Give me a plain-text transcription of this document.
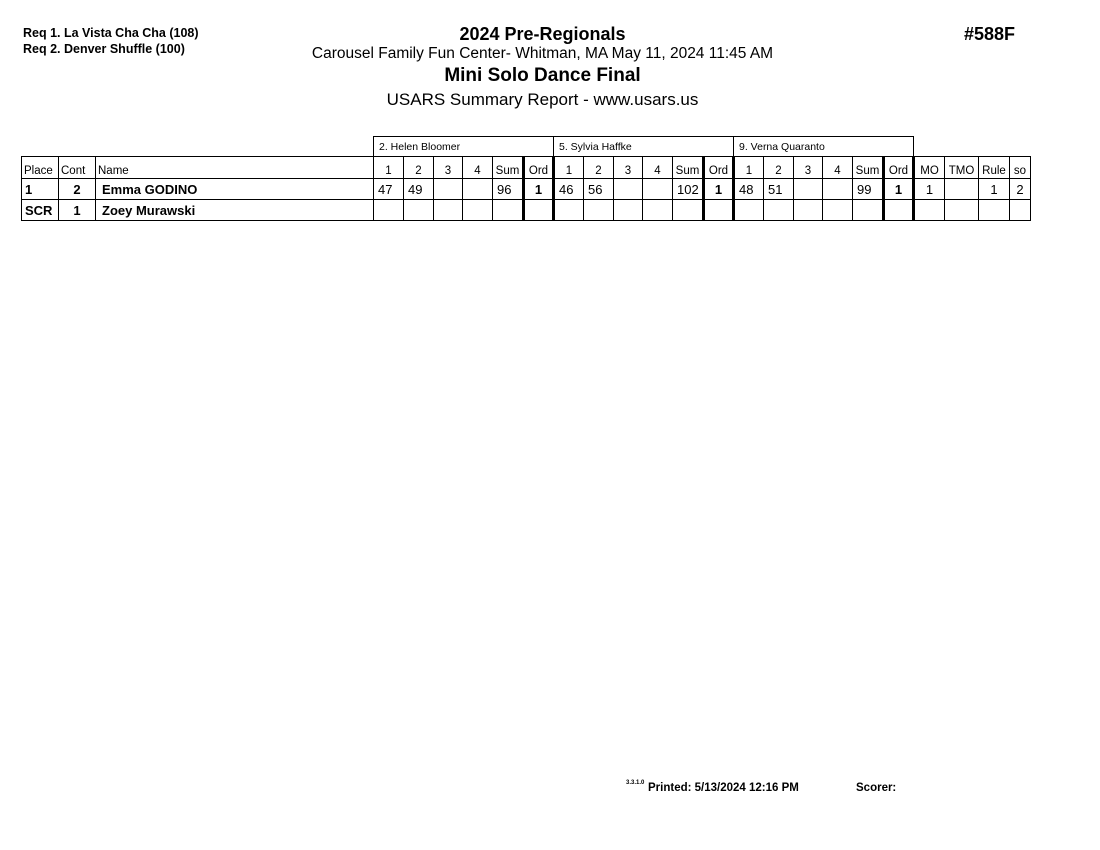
Req 1. La Vista Cha Cha (108)
Req 2. Denver Shuffle (100)
2024 Pre-Regionals
Carousel Family Fun Center- Whitman, MA May 11, 2024 11:45 AM
Mini Solo Dance Final
USARS Summary Report - www.usars.us
#588F
			2. Helen Bloomer						5. Sylvia Haffke						9. Verna Quaranto									
Place	Cont	Name	1	2	3	4	Sum	Ord	1	2	3	4	Sum	Ord	1	2	3	4	Sum	Ord	MO	TMO	Rule	so
1	2	Emma GODINO	47	49			96	1	46	56			102	1	48	51			99	1	1		1	2
SCR	1	Zoey Murawski																						
3.3.1.0 Printed: 5/13/2024 12:16 PM	Scorer:
